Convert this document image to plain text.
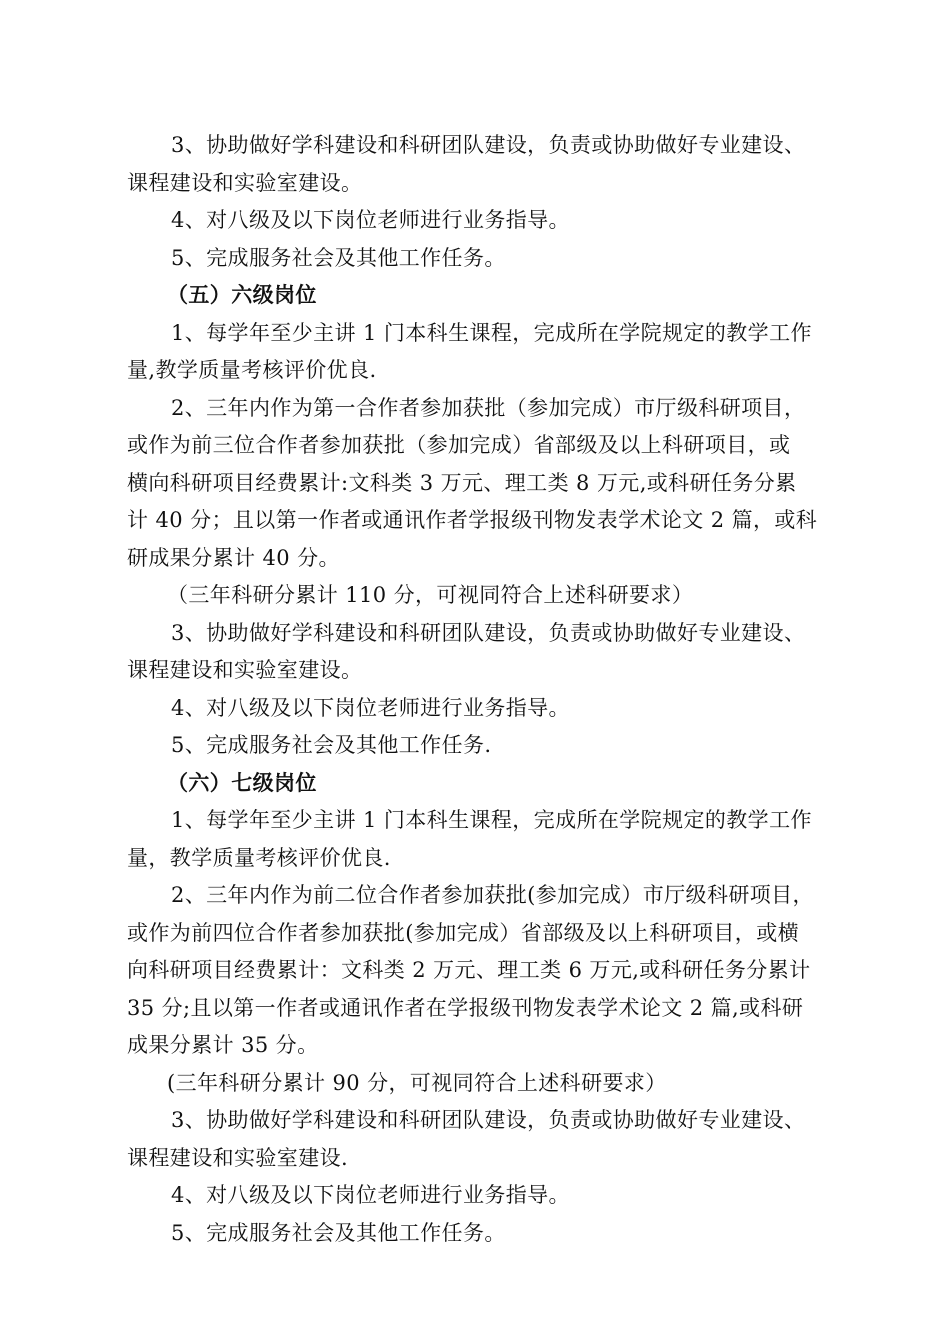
3、协助做好学科建设和科研团队建设，负责或协助做好专业建设、
课程建设和实验室建设。
4、对八级及以下岗位老师进行业务指导。
5、完成服务社会及其他工作任务。
（五）六级岗位
1、每学年至少主讲 1 门本科生课程，完成所在学院规定的教学工作
量,教学质量考核评价优良.
2、三年内作为第一合作者参加获批（参加完成）市厅级科研项目，
或作为前三位合作者参加获批（参加完成）省部级及以上科研项目，或
横向科研项目经费累计:文科类 3 万元、理工类 8 万元,或科研任务分累
计 40 分；且以第一作者或通讯作者学报级刊物发表学术论文 2 篇，或科
研成果分累计 40 分。
（三年科研分累计 110 分，可视同符合上述科研要求）
3、协助做好学科建设和科研团队建设，负责或协助做好专业建设、
课程建设和实验室建设。
4、对八级及以下岗位老师进行业务指导。
5、完成服务社会及其他工作任务.
（六）七级岗位
1、每学年至少主讲 1 门本科生课程，完成所在学院规定的教学工作
量，教学质量考核评价优良.
2、三年内作为前二位合作者参加获批(参加完成）市厅级科研项目，
或作为前四位合作者参加获批(参加完成）省部级及以上科研项目，或横
向科研项目经费累计：文科类 2 万元、理工类 6 万元,或科研任务分累计
35 分;且以第一作者或通讯作者在学报级刊物发表学术论文 2 篇,或科研
成果分累计 35 分。
(三年科研分累计 90 分，可视同符合上述科研要求）
3、协助做好学科建设和科研团队建设，负责或协助做好专业建设、
课程建设和实验室建设.
4、对八级及以下岗位老师进行业务指导。
5、完成服务社会及其他工作任务。
